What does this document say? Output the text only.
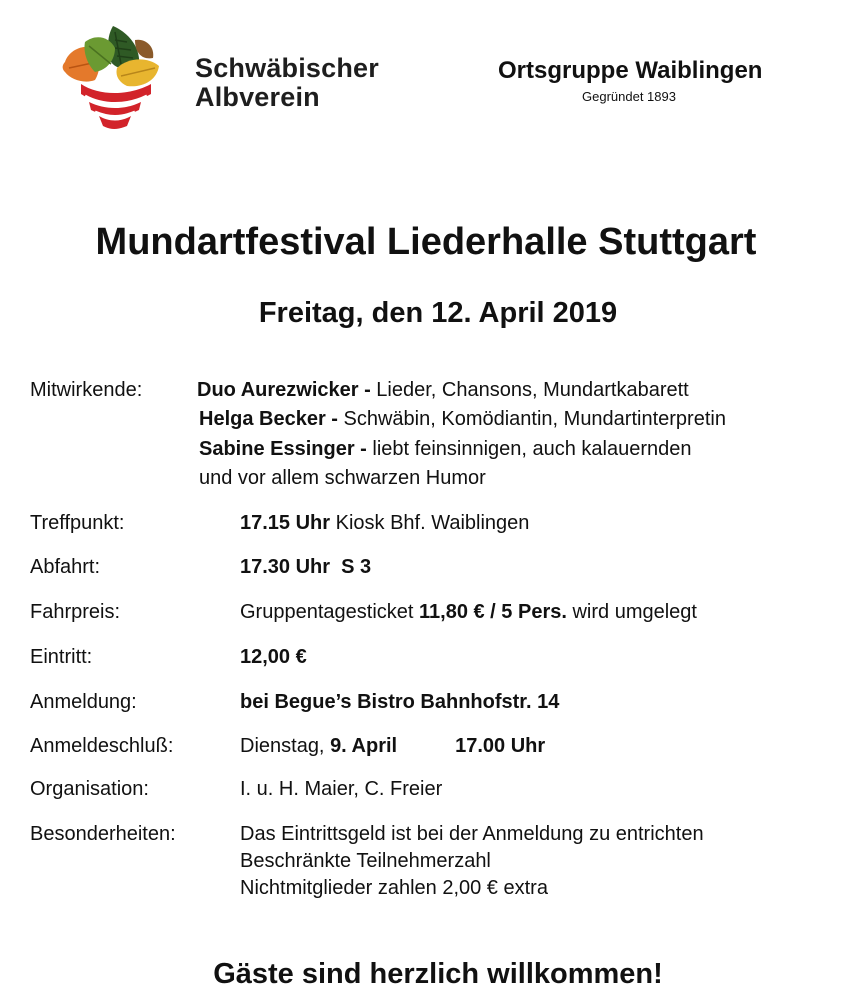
Schwäbischer
Albverein
Ortsgruppe Waiblingen
Gegründet 1893
Mundartfestival Liederhalle Stuttgart
Freitag, den 12. April 2019
Mitwirkende:	Duo Aurezwicker - Lieder, Chansons, Mundartkabarett
Helga Becker - Schwäbin, Komödiantin, Mundartinterpretin
Sabine Essinger - liebt feinsinnigen, auch kalauernden
und vor allem schwarzen Humor
Treffpunkt:	17.15 Uhr Kiosk Bhf. Waiblingen
Abfahrt:	17.30 Uhr  S 3
Fahrpreis:	Gruppentagesticket 11,80 € / 5 Pers. wird umgelegt
Eintritt:	12,00 €
Anmeldung:	bei Begue’s Bistro Bahnhofstr. 14
Anmeldeschluß:	Dienstag, 9. April	17.00 Uhr
Organisation:	I. u. H. Maier, C. Freier
Besonderheiten:	Das Eintrittsgeld ist bei der Anmeldung zu entrichten
Beschränkte Teilnehmerzahl
Nichtmitglieder zahlen 2,00 € extra
Gäste sind herzlich willkommen!
